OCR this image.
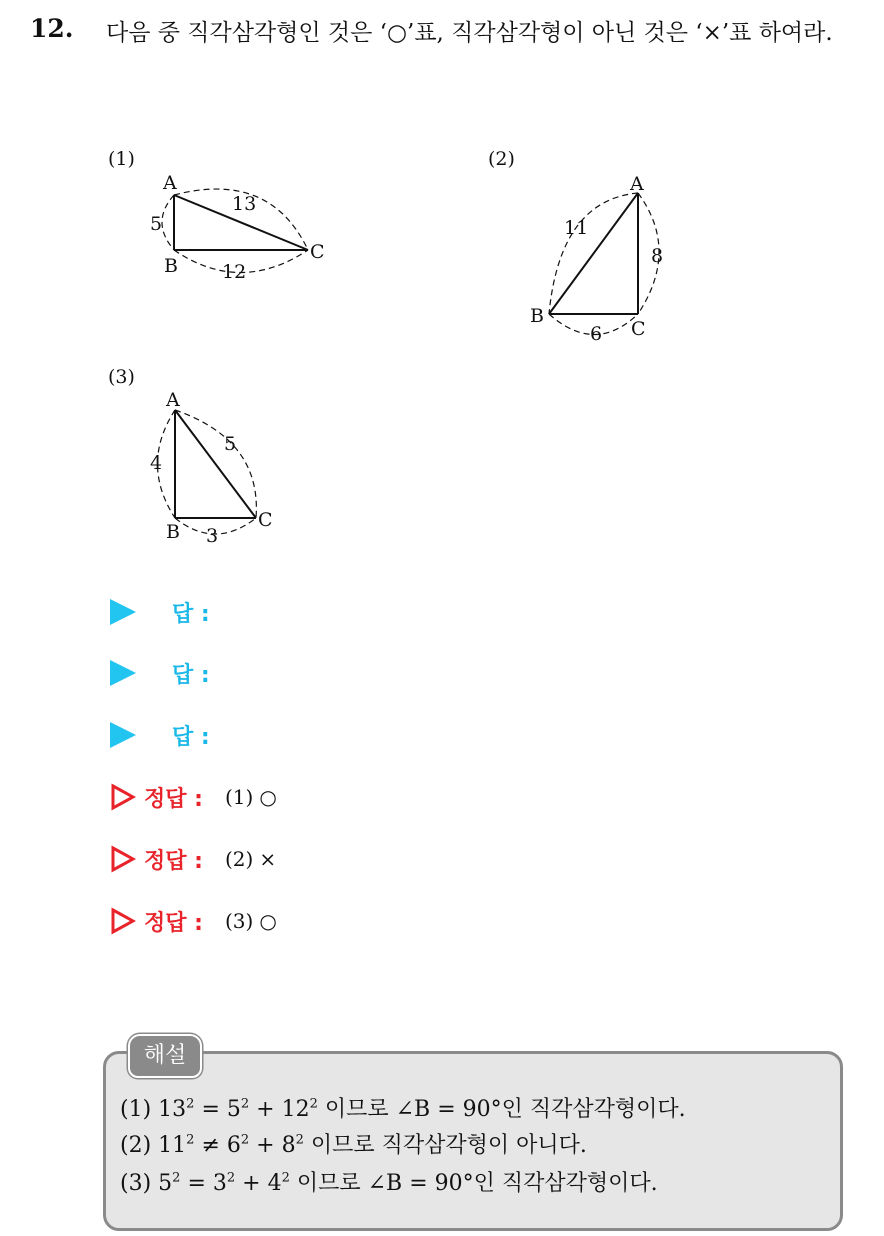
12. 다음 중 직각삼각형인 것은 ‘○’표, 직각삼각형이 아닌 것은 ‘×’표 하여라.
(1)
A
B
C
5
13
12
(2)
A
B
C
11
8
6
(3)
A
B
C
4
5
3
답 :
답 :
답 :
정답 : (1) ○
정답 : (2) ×
정답 : (3) ○
해설
(1) $13^2 = 5^2 + 12^2$ 이므로 ∠B = 90°인 직각삼각형이다.
(2) $11^2 \ne 6^2 + 8^2$ 이므로 직각삼각형이 아니다.
(3) $5^2 = 3^2 + 4^2$ 이므로 ∠B = 90°인 직각삼각형이다.
